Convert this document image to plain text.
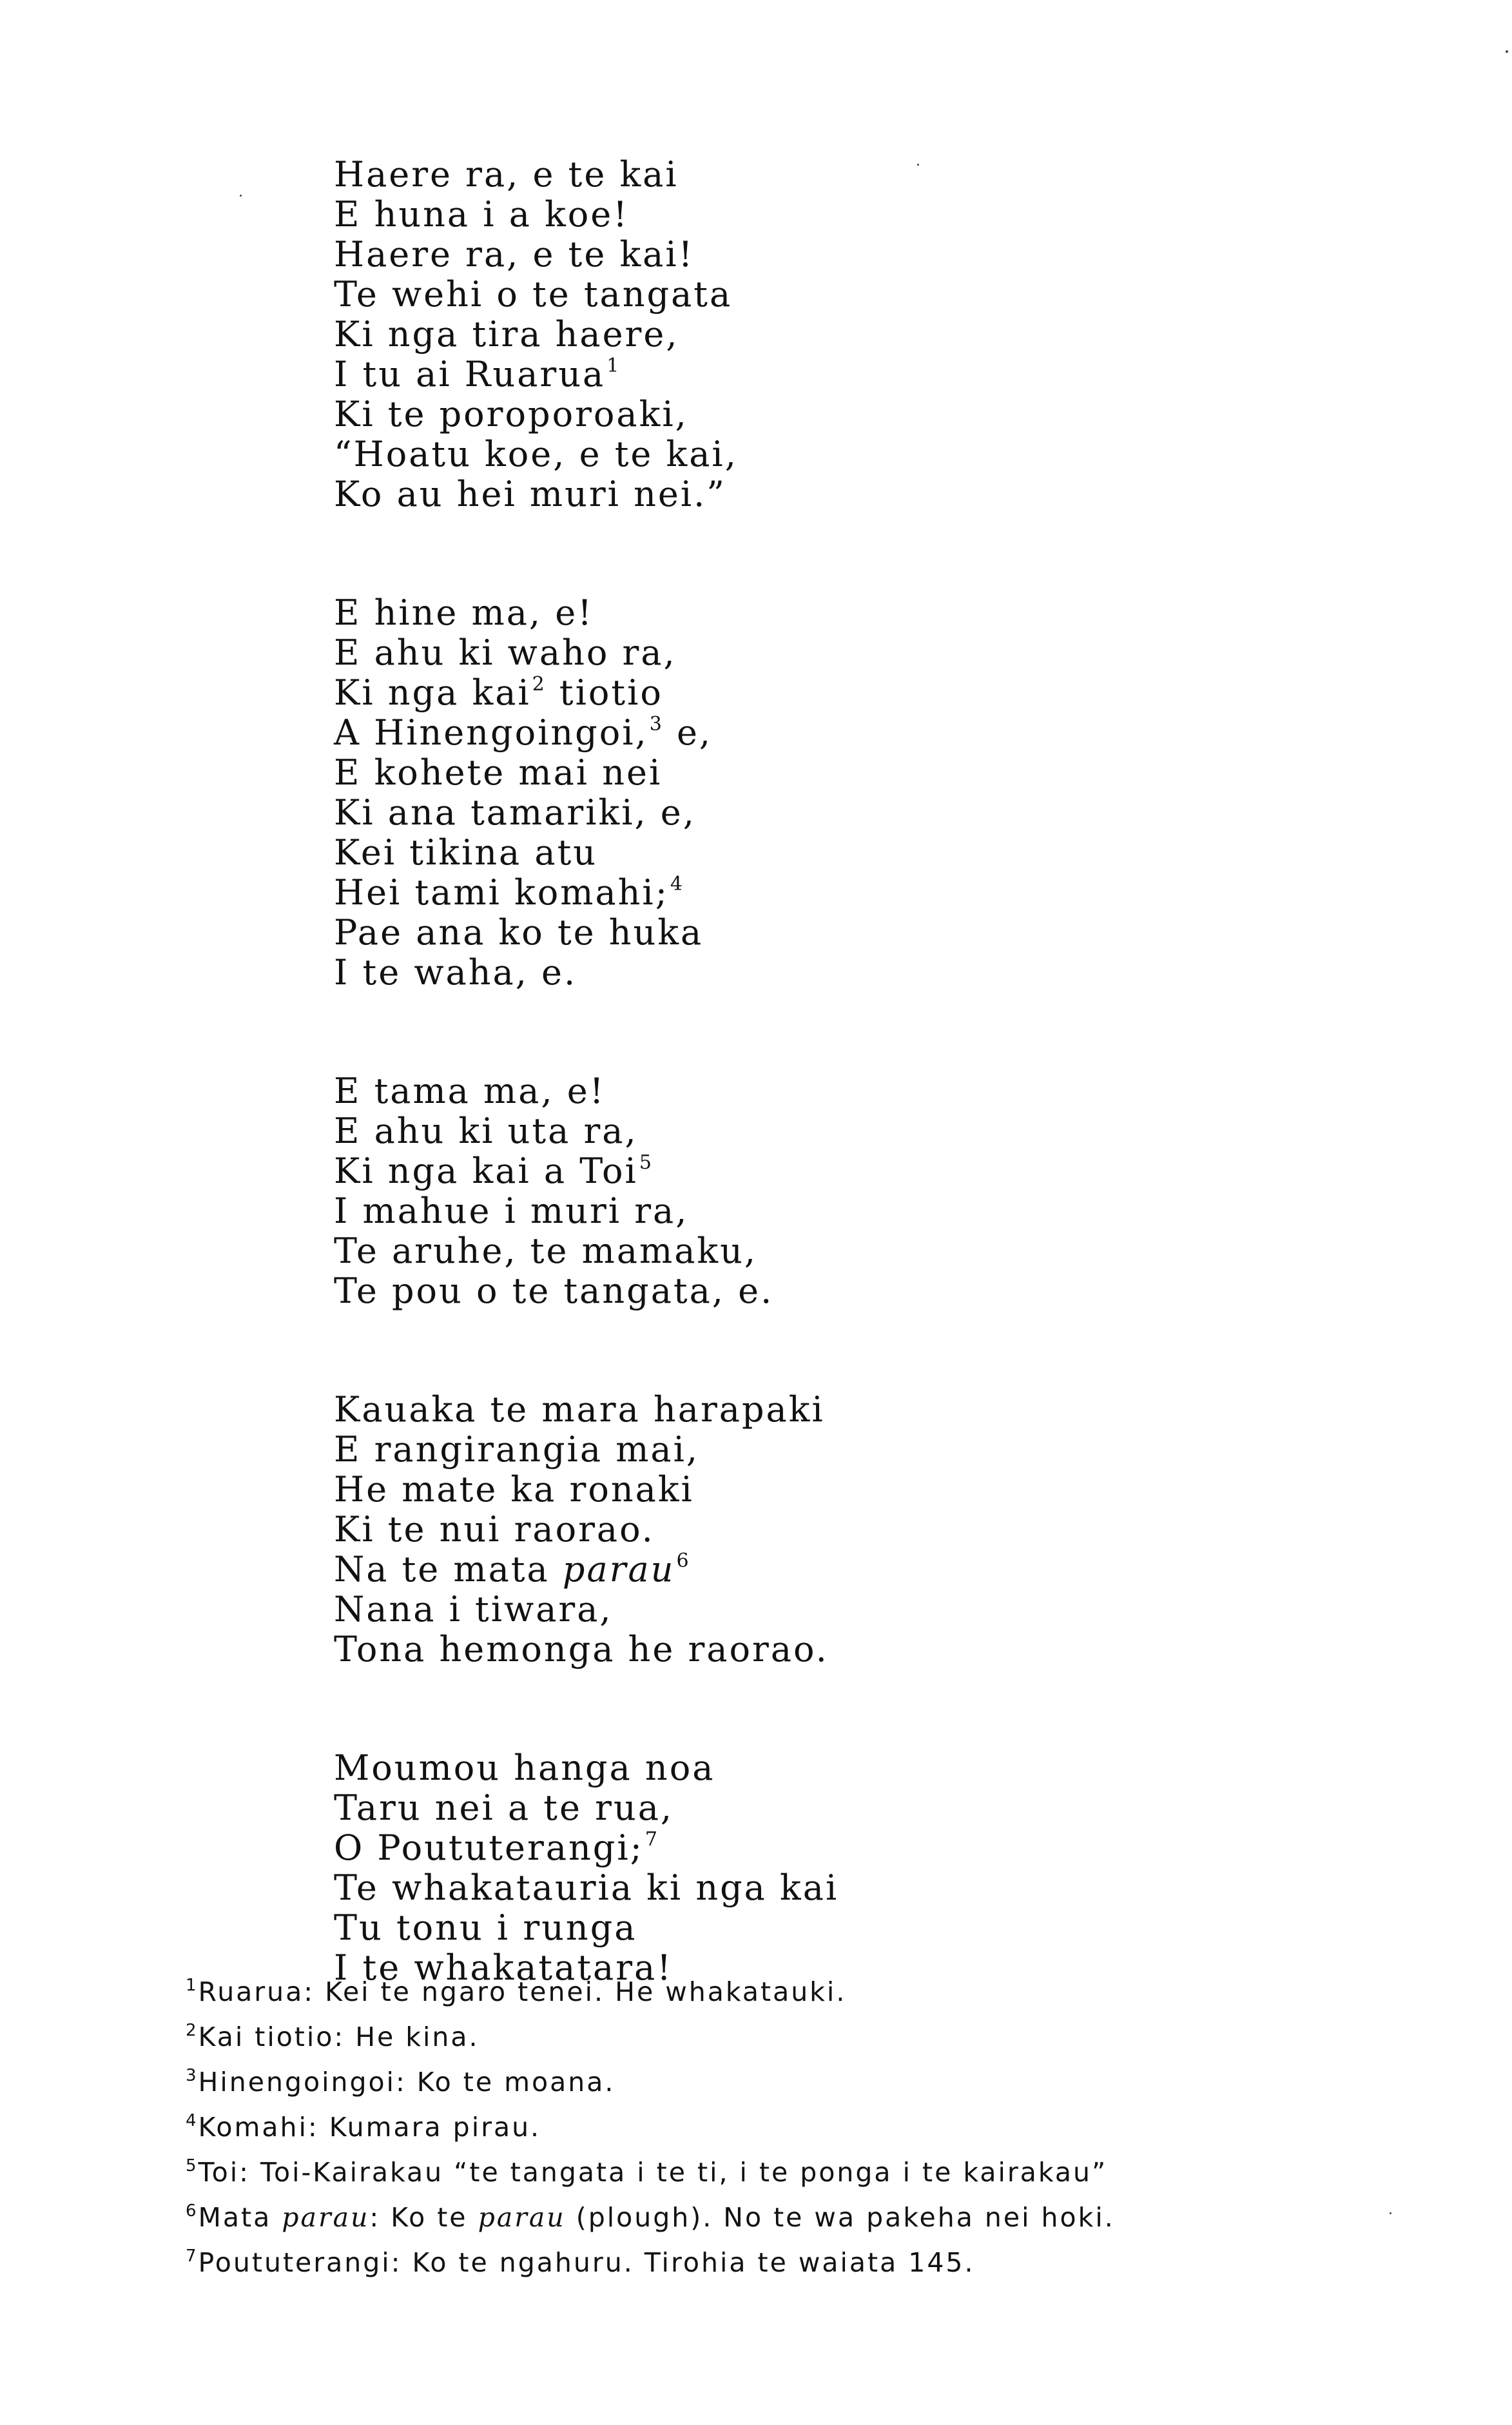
Haere ra, e te kai
E huna i a koe!
Haere ra, e te kai!
Te wehi o te tangata
Ki nga tira haere,
I tu ai Ruarua$^1$
Ki te poroporoaki,
“Hoatu koe, e te kai,
Ko au hei muri nei.”
E hine ma, e!
E ahu ki waho ra,
Ki nga kai$^2$ tiotio
A Hinengoingoi,$^3$ e,
E kohete mai nei
Ki ana tamariki, e,
Kei tikina atu
Hei tami komahi;$^4$
Pae ana ko te huka
I te waha, e.
E tama ma, e!
E ahu ki uta ra,
Ki nga kai a Toi$^5$
I mahue i muri ra,
Te aruhe, te mamaku,
Te pou o te tangata, e.
Kauaka te mara harapaki
E rangirangia mai,
He mate ka ronaki
Ki te nui raorao.
Na te mata parau$^6$
Nana i tiwara,
Tona hemonga he raorao.
Moumou hanga noa
Taru nei a te rua,
O Poututerangi;$^7$
Te whakatauria ki nga kai
Tu tonu i runga
I te whakatatara!
$^1$Ruarua: Kei te ngaro tenei. He whakatauki.
$^2$Kai tiotio: He kina.
$^3$Hinengoingoi: Ko te moana.
$^4$Komahi: Kumara pirau.
$^5$Toi: Toi-Kairakau “te tangata i te ti, i te ponga i te kairakau”
$^6$Mata parau: Ko te parau (plough). No te wa pakeha nei hoki.
$^7$Poututerangi: Ko te ngahuru. Tirohia te waiata 145.
